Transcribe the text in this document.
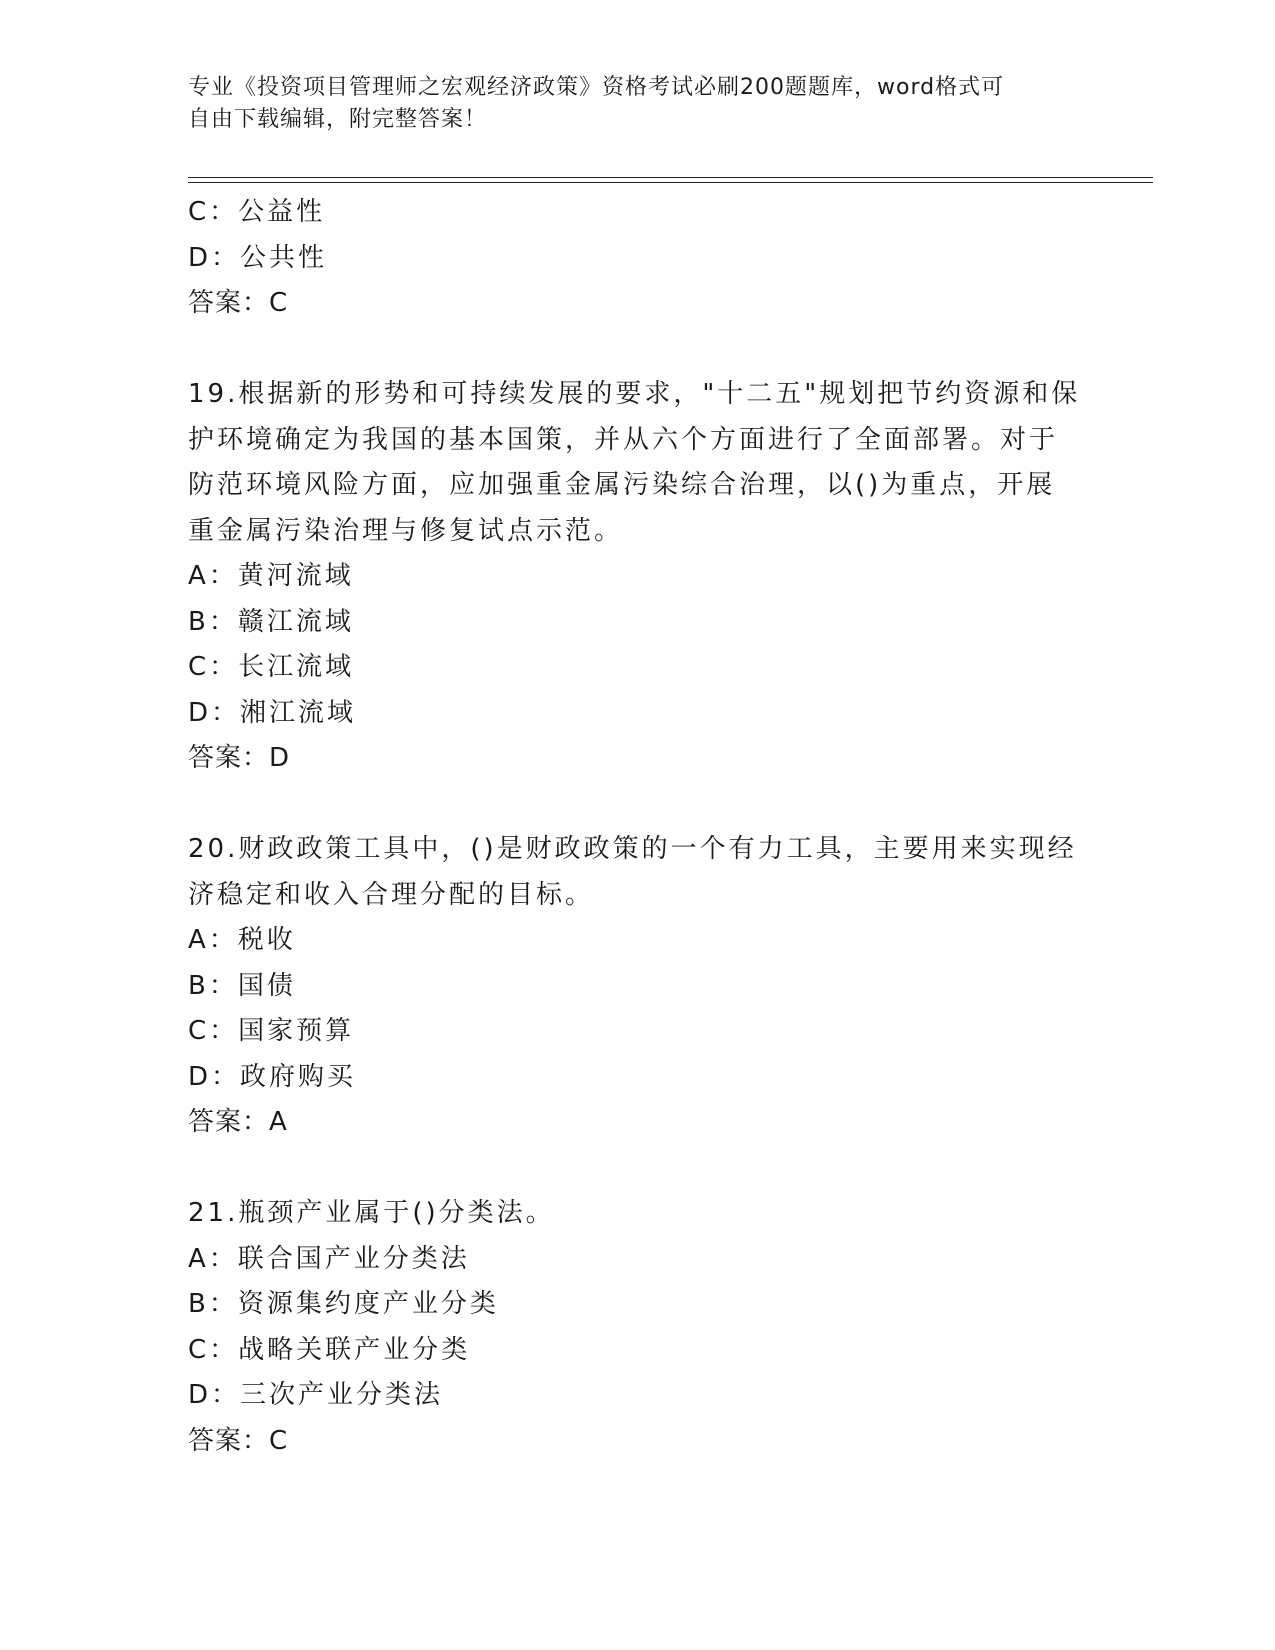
专业《投资项目管理师之宏观经济政策》资格考试必刷200题题库，word格式可
自由下载编辑，附完整答案！
C：公益性
D：公共性
答案：C
19.根据新的形势和可持续发展的要求，"十二五"规划把节约资源和保
护环境确定为我国的基本国策，并从六个方面进行了全面部署。对于
防范环境风险方面，应加强重金属污染综合治理，以()为重点，开展
重金属污染治理与修复试点示范。
A：黄河流域
B：赣江流域
C：长江流域
D：湘江流域
答案：D
20.财政政策工具中，()是财政政策的一个有力工具，主要用来实现经
济稳定和收入合理分配的目标。
A：税收
B：国债
C：国家预算
D：政府购买
答案：A
21.瓶颈产业属于()分类法。
A：联合国产业分类法
B：资源集约度产业分类
C：战略关联产业分类
D：三次产业分类法
答案：C
